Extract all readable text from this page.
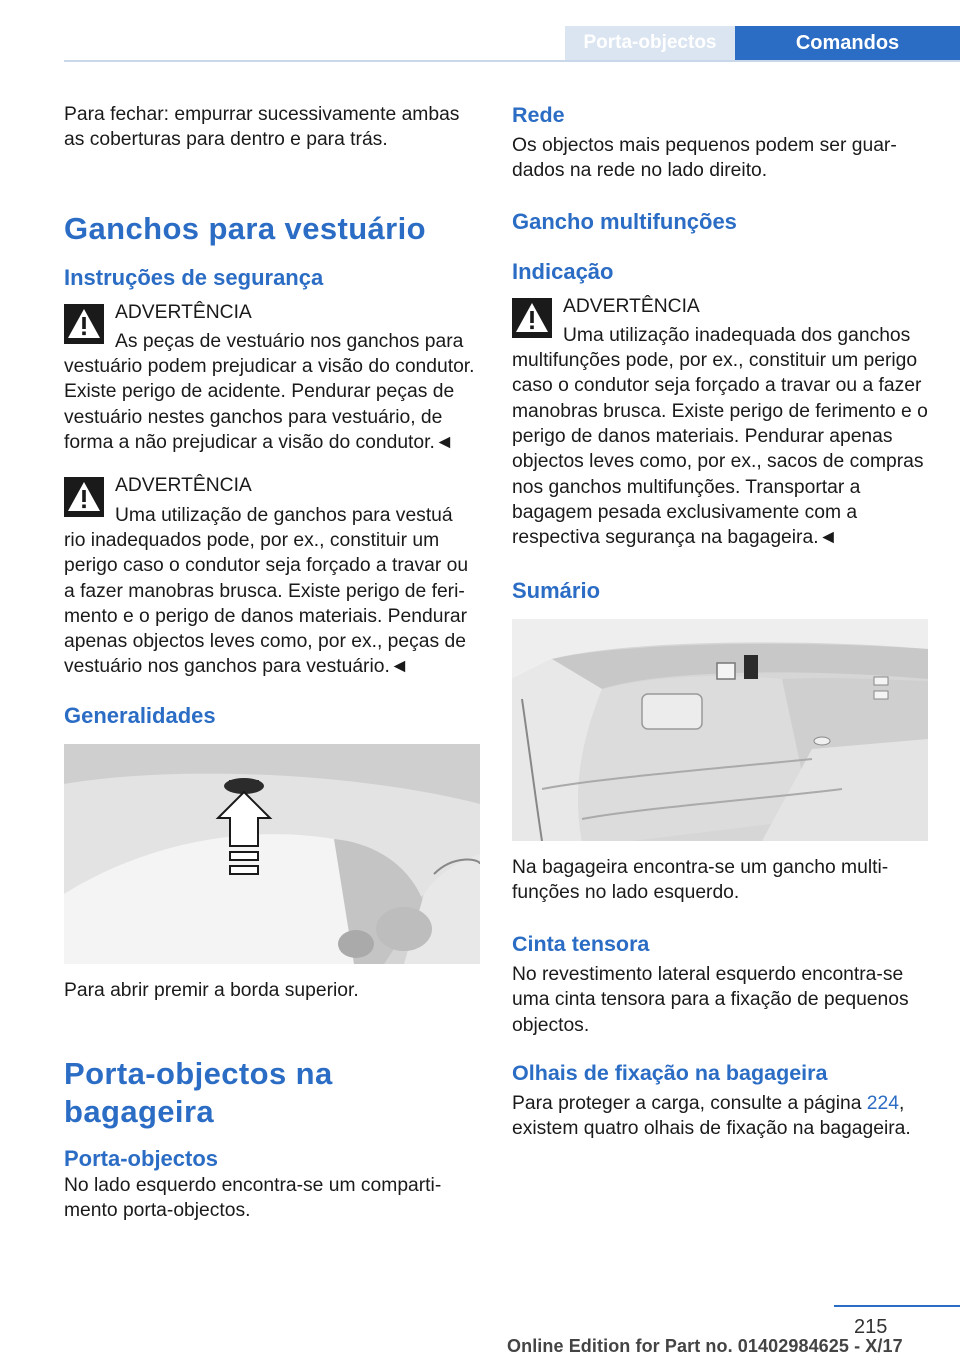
Porta-objectos	Comandos
Para fechar: empurrar sucessivamente ambas as coberturas para dentro e para trás.
Ganchos para vestuário
Instruções de segurança
ADVERTÊNCIA
As peças de vestuário nos ganchos para
vestuário podem prejudicar a visão do condutor. Existe perigo de acidente. Pendurar peças de vestuário nestes ganchos para vestuário, de forma a não prejudicar a visão do condutor.◄
ADVERTÊNCIA
Uma utilização de ganchos para vestuá
rio inadequados pode, por ex., constituir um perigo caso o condutor seja forçado a travar ou a fazer manobras brusca. Existe perigo de ferimento e o perigo de danos materiais. Pendurar apenas objectos leves como, por ex., peças de vestuário nos ganchos para vestuário.◄
Generalidades
Para abrir premir a borda superior.
Porta-objectos na bagageira
Porta-objectos
No lado esquerdo encontra-se um compartimento porta-objectos.
Rede
Os objectos mais pequenos podem ser guardados na rede no lado direito.
Gancho multifunções
Indicação
ADVERTÊNCIA
Uma utilização inadequada dos ganchos
multifunções pode, por ex., constituir um perigo caso o condutor seja forçado a travar ou a fazer manobras brusca. Existe perigo de ferimento e o perigo de danos materiais. Pendurar apenas objectos leves como, por ex., sacos de compras nos ganchos multifunções. Transportar a bagagem pesada exclusivamente com a respectiva segurança na bagageira.◄
Sumário
Na bagageira encontra-se um gancho multifunções no lado esquerdo.
Cinta tensora
No revestimento lateral esquerdo encontra-se uma cinta tensora para a fixação de pequenos objectos.
Olhais de fixação na bagageira
Para proteger a carga, consulte a página 224, existem quatro olhais de fixação na bagageira.
215
Online Edition for Part no. 01402984625 - X/17
